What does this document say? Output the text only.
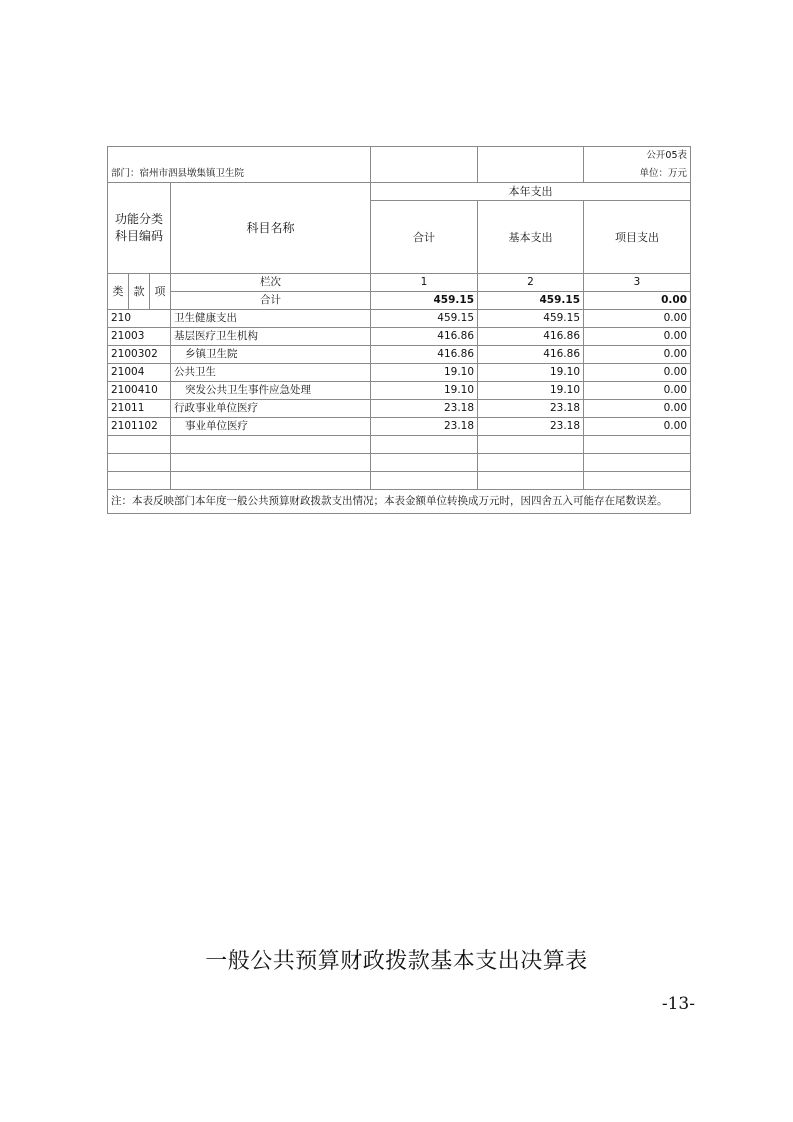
						公开05表
部门：宿州市泗县墩集镇卫生院						单位：万元
功能分类
科目编码			科目名称	本年支出		
				合计	基本支出	项目支出

类	款	项	栏次	1	2	3
			合计	459.15	459.15	0.00
210			卫生健康支出	459.15	459.15	0.00
21003			基层医疗卫生机构	416.86	416.86	0.00
2100302			乡镇卫生院	416.86	416.86	0.00
21004			公共卫生	19.10	19.10	0.00
2100410			突发公共卫生事件应急处理	19.10	19.10	0.00
21011			行政事业单位医疗	23.18	23.18	0.00
2101102			事业单位医疗	23.18	23.18	0.00

注：本表反映部门本年度一般公共预算财政拨款支出情况；本表金额单位转换成万元时，因四舍五入可能存在尾数误差。						
一般公共预算财政拨款基本支出决算表
-13-
